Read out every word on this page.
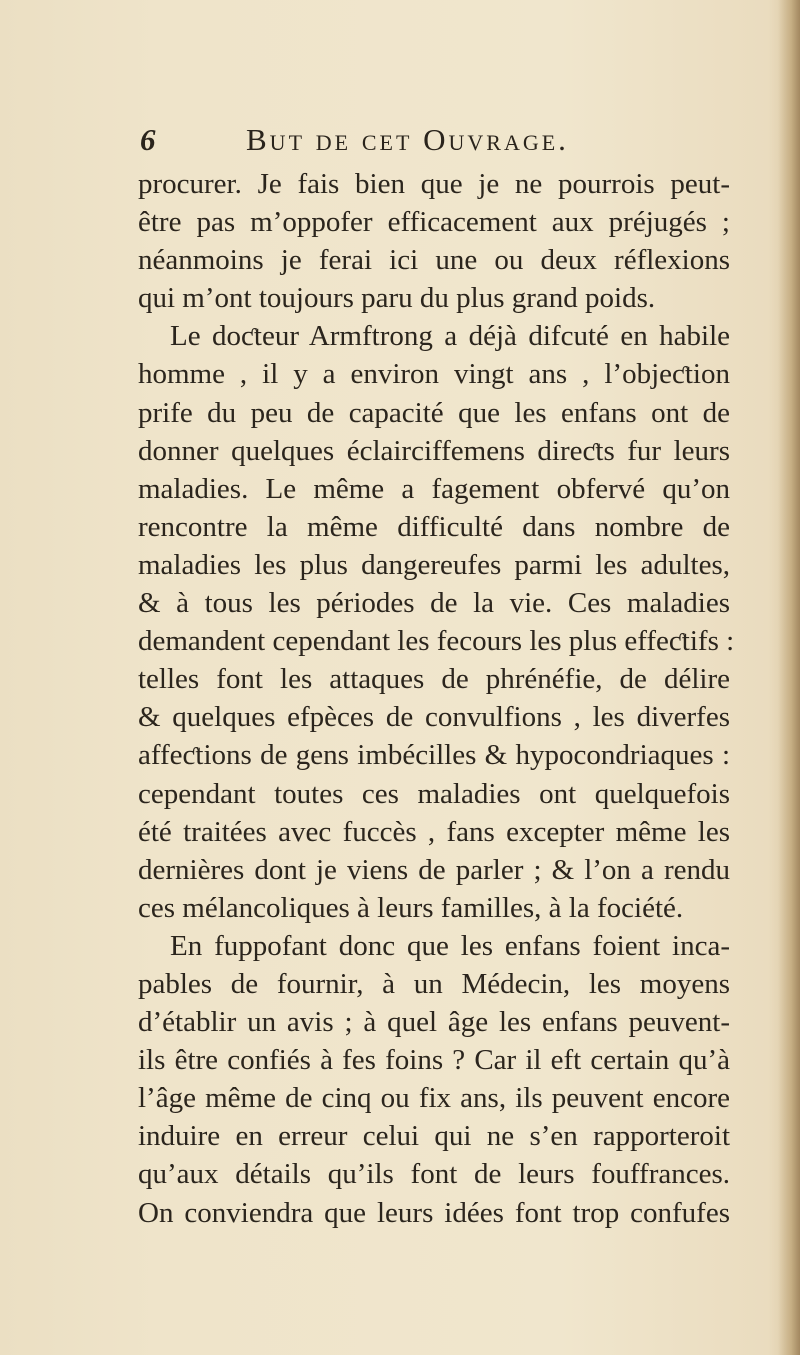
6	But de cet Ouvrage.
procurer. Je fais bien que je ne pourrois peut-
être pas m’oppofer efficacement aux préjugés ;
néanmoins je ferai ici une ou deux réflexions
qui m’ont toujours paru du plus grand poids.
Le doƈteur Armftrong a déjà difcuté en habile
homme , il y a environ vingt ans , l’objeƈtion
prife du peu de capacité que les enfans ont de
donner quelques éclairciffemens direƈts fur leurs
maladies. Le même a fagement obfervé qu’on
rencontre la même difficulté dans nombre de
maladies les plus dangereufes parmi les adultes,
& à tous les périodes de la vie. Ces maladies
demandent cependant les fecours les plus effeƈtifs :
telles font les attaques de phrénéfie, de délire
& quelques efpèces de convulfions , les diverfes
affeƈtions de gens imbécilles & hypocondriaques :
cependant toutes ces maladies ont quelquefois
été traitées avec fuccès , fans excepter même les
dernières dont je viens de parler ; & l’on a rendu
ces mélancoliques à leurs familles, à la fociété.
En fuppofant donc que les enfans foient inca-
pables de fournir, à un Médecin, les moyens
d’établir un avis ; à quel âge les enfans peuvent-
ils être confiés à fes foins ? Car il eft certain qu’à
l’âge même de cinq ou fix ans, ils peuvent encore
induire en erreur celui qui ne s’en rapporteroit
qu’aux détails qu’ils font de leurs fouffrances.
On conviendra que leurs idées font trop confufes
